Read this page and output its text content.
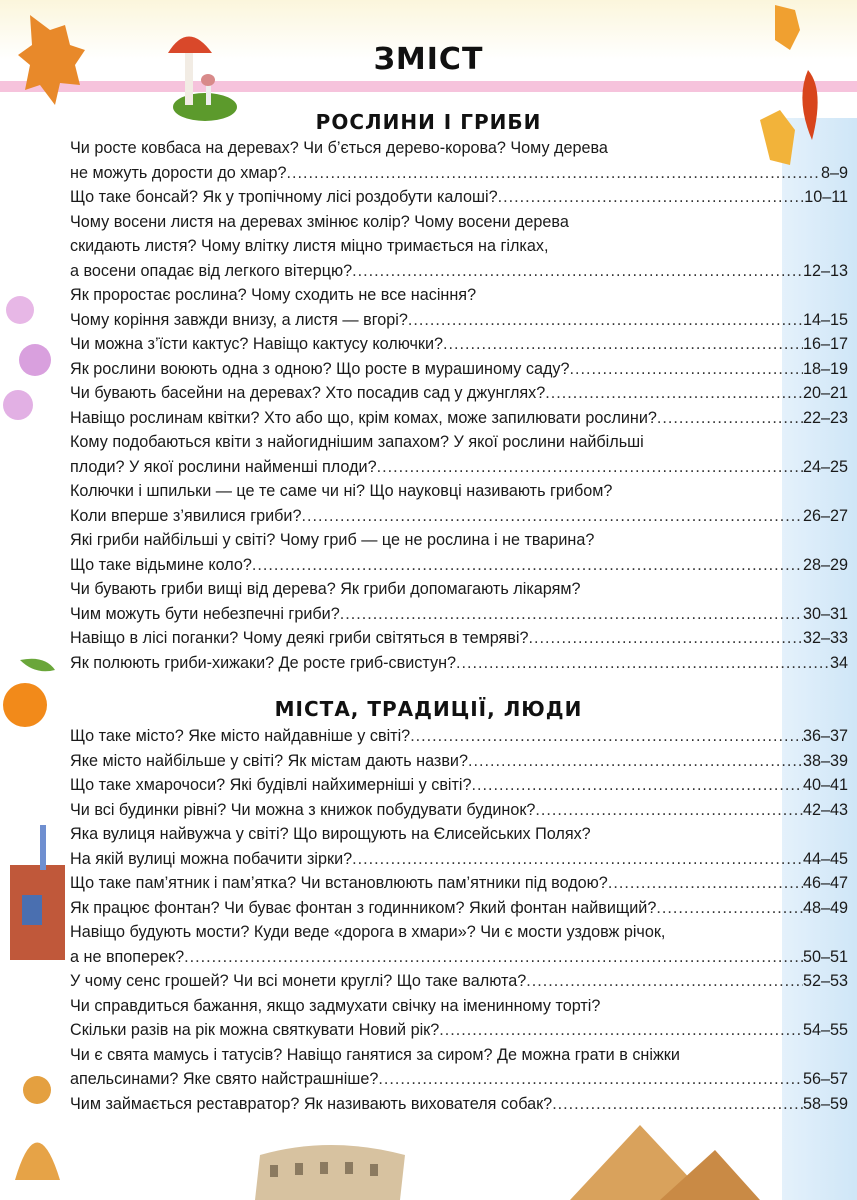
ЗМІСТ
РОСЛИНИ І ГРИБИ
Чи росте ковбаса на деревах? Чи б’ється дерево-корова? Чому дерева
не можуть дорости до хмар? .....	8–9
Що таке бонсай? Як у тропічному лісі роздобути калоші? .....	10–11
Чому восени листя на деревах змінює колір? Чому восени дерева
скидають листя? Чому влітку листя міцно тримається на гілках,
а восени опадає від легкого вітерцю? .....	12–13
Як проростає рослина? Чому сходить не все насіння?
Чому коріння завжди внизу, а листя — вгорі? .....	14–15
Чи можна з’їсти кактус? Навіщо кактусу колючки? .....	16–17
Як рослини воюють одна з одною? Що росте в мурашиному саду? .....	18–19
Чи бувають басейни на деревах? Хто посадив сад у джунглях? .....	20–21
Навіщо рослинам квітки? Хто або що, крім комах, може запилювати рослини? .....	22–23
Кому подобаються квіти з найогиднішим запахом? У якої рослини найбільші
плоди? У якої рослини найменші плоди? .....	24–25
Колючки і шпильки — це те саме чи ні? Що науковці називають грибом?
Коли вперше з’явилися гриби? .....	26–27
Які гриби найбільші у світі? Чому гриб — це не рослина і не тварина?
Що таке відьмине коло? .....	28–29
Чи бувають гриби вищі від дерева? Як гриби допомагають лікарям?
Чим можуть бути небезпечні гриби? .....	30–31
Навіщо в лісі поганки? Чому деякі гриби світяться в темряві? .....	32–33
Як полюють гриби-хижаки? Де росте гриб-свистун? .....	34
МІСТА, ТРАДИЦІЇ, ЛЮДИ
Що таке місто? Яке місто найдавніше у світі? .....	36–37
Яке місто найбільше у світі? Як містам дають назви? .....	38–39
Що таке хмарочоси? Які будівлі найхимерніші у світі? .....	40–41
Чи всі будинки рівні? Чи можна з книжок побудувати будинок? .....	42–43
Яка вулиця найвужча у світі? Що вирощують на Єлисейських Полях?
На якій вулиці можна побачити зірки? .....	44–45
Що таке пам’ятник і пам’ятка? Чи встановлюють пам’ятники під водою? .....	46–47
Як працює фонтан? Чи буває фонтан з годинником? Який фонтан найвищий? .....	48–49
Навіщо будують мости? Куди веде «дорога в хмари»? Чи є мости уздовж річок,
а не впоперек? .....	50–51
У чому сенс грошей? Чи всі монети круглі? Що таке валюта? .....	52–53
Чи справдиться бажання, якщо задмухати свічку на іменинному торті?
Скільки разів на рік можна святкувати Новий рік? .....	54–55
Чи є свята мамусь і татусів? Навіщо ганятися за сиром? Де можна грати в сніжки
апельсинами? Яке свято найстрашніше? .....	56–57
Чим займається реставратор? Як називають вихователя собак? .....	58–59
